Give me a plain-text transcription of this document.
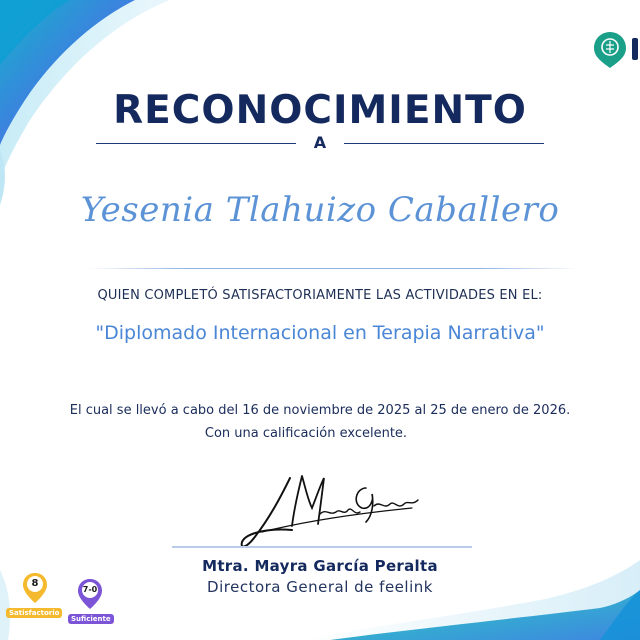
RECONOCIMIENTO
A
Yesenia Tlahuizo Caballero
QUIEN COMPLETÓ SATISFACTORIAMENTE LAS ACTIVIDADES EN EL:
"Diplomado Internacional en Terapia Narrativa"
El cual se llevó a cabo del 16 de noviembre de 2025 al 25 de enero de 2026.
Con una calificación excelente.
Mtra. Mayra García Peralta
Directora General de feelink
8
Satisfactorio
7-0
Suficiente
